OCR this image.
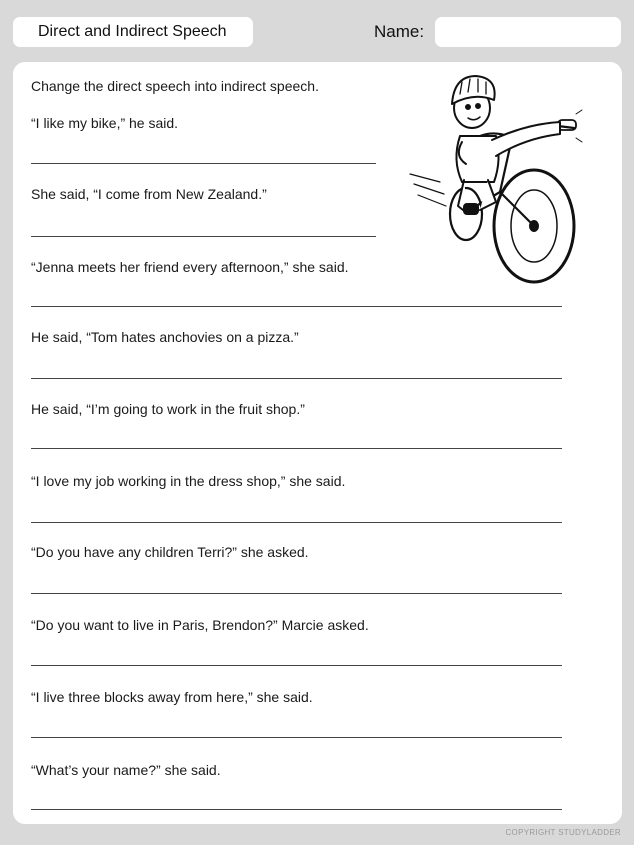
Direct and Indirect Speech	Name:
Change the direct speech into indirect speech.
“I like my bike,” he said.
She said, “I come from New Zealand.”
“Jenna meets her friend every afternoon,” she said.
He said, “Tom hates anchovies on a pizza.”
He said, “I’m going to work in the fruit shop.”
“I love my job working in the dress shop,” she said.
“Do you have any children Terri?” she asked.
“Do you want to live in Paris, Brendon?” Marcie asked.
“I live three blocks away from here,” she said.
“What’s your name?” she said.
COPYRIGHT STUDYLADDER
